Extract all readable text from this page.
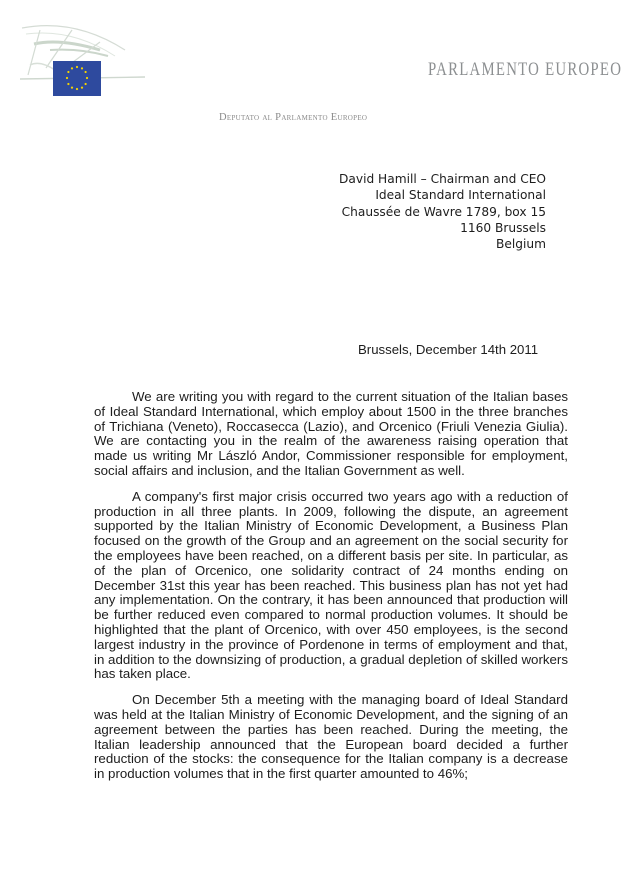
PARLAMENTO EUROPEO
Deputato al Parlamento Europeo
David Hamill – Chairman and CEO
Ideal Standard International
Chaussée de Wavre 1789, box 15
1160 Brussels
Belgium
Brussels, December 14th 2011

We are writing you with regard to the current situation of the Italian bases of Ideal Standard International, which employ about 1500 in the three branches of Trichiana (Veneto), Roccasecca (Lazio), and Orcenico (Friuli Venezia Giulia). We are contacting you in the realm of the awareness raising operation that made us writing Mr László Andor, Commissioner responsible for employment, social affairs and inclusion, and the Italian Government as well.

A company's first major crisis occurred two years ago with a reduction of production in all three plants. In 2009, following the dispute, an agreement supported by the Italian Ministry of Economic Development, a Business Plan focused on the growth of the Group and an agreement on the social security for the employees have been reached, on a different basis per site. In particular, as of the plan of Orcenico, one solidarity contract of 24 months ending on December 31st this year has been reached. This business plan has not yet had any implementation. On the contrary, it has been announced that production will be further reduced even compared to normal production volumes. It should be highlighted that the plant of Orcenico, with over 450 employees, is the second largest industry in the province of Pordenone in terms of employment and that, in addition to the downsizing of production, a gradual depletion of skilled workers has taken place.

On December 5th a meeting with the managing board of Ideal Standard was held at the Italian Ministry of Economic Development, and the signing of an agreement between the parties has been reached. During the meeting, the Italian leadership announced that the European board decided a further reduction of the stocks: the consequence for the Italian company is a decrease in production volumes that in the first quarter amounted to 46%;
